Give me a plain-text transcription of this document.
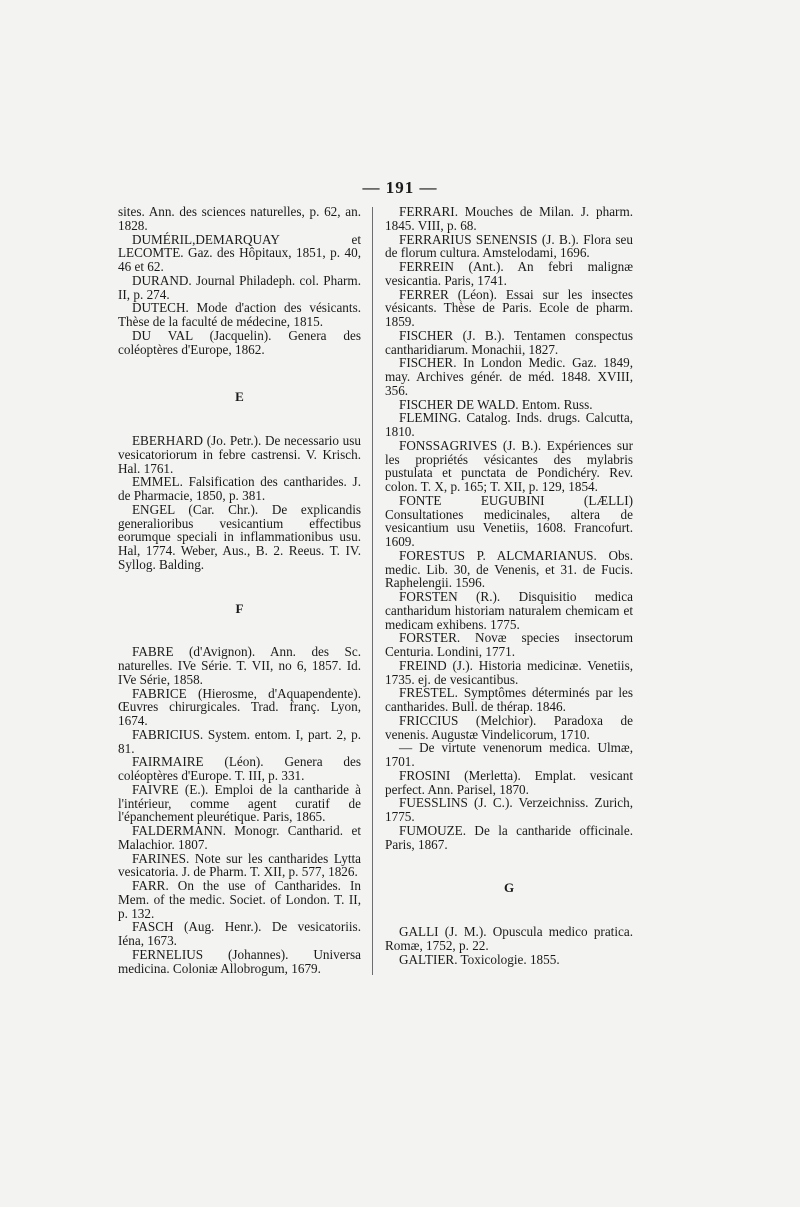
— 191 —

sites. Ann. des sciences naturelles, p. 62, an. 1828.

DUMÉRIL,DEMARQUAY et LECOMTE. Gaz. des Hôpitaux, 1851, p. 40, 46 et 62.

DURAND. Journal Philadeph. col. Pharm. II, p. 274.

DUTECH. Mode d'action des vésicants. Thèse de la faculté de médecine, 1815.

DU VAL (Jacquelin). Genera des coléoptères d'Europe, 1862.

E

EBERHARD (Jo. Petr.). De necessario usu vesicatoriorum in febre castrensi. V. Krisch. Hal. 1761.

EMMEL. Falsification des cantharides. J. de Pharmacie, 1850, p. 381.

ENGEL (Car. Chr.). De explicandis generalioribus vesicantium effectibus eorumque speciali in inflammationibus usu. Hal, 1774. Weber, Aus., B. 2. Reeus. T. IV. Syllog. Balding.

F

FABRE (d'Avignon). Ann. des Sc. naturelles. IVe Série. T. VII, no 6, 1857. Id. IVe Série, 1858.

FABRICE (Hierosme, d'Aquapendente). Œuvres chirurgicales. Trad. franç. Lyon, 1674.

FABRICIUS. System. entom. I, part. 2, p. 81.

FAIRMAIRE (Léon). Genera des coléoptères d'Europe. T. III, p. 331.

FAIVRE (E.). Emploi de la cantharide à l'intérieur, comme agent curatif de l'épanchement pleurétique. Paris, 1865.

FALDERMANN. Monogr. Cantharid. et Malachior. 1807.

FARINES. Note sur les cantharides Lytta vesicatoria. J. de Pharm. T. XII, p. 577, 1826.

FARR. On the use of Cantharides. In Mem. of the medic. Societ. of London. T. II, p. 132.

FASCH (Aug. Henr.). De vesicatoriis. Iéna, 1673.

FERNELIUS (Johannes). Universa medicina. Coloniæ Allobrogum, 1679.

FERRARI. Mouches de Milan. J. pharm. 1845. VIII, p. 68.

FERRARIUS SENENSIS (J. B.). Flora seu de florum cultura. Amstelodami, 1696.

FERREIN (Ant.). An febri malignæ vesicantia. Paris, 1741.

FERRER (Léon). Essai sur les insectes vésicants. Thèse de Paris. Ecole de pharm. 1859.

FISCHER (J. B.). Tentamen conspectus cantharidiarum. Monachii, 1827.

FISCHER. In London Medic. Gaz. 1849, may. Archives génér. de méd. 1848. XVIII, 356.

FISCHER DE WALD. Entom. Russ.

FLEMING. Catalog. Inds. drugs. Calcutta, 1810.

FONSSAGRIVES (J. B.). Expériences sur les propriétés vésicantes des mylabris pustulata et punctata de Pondichéry. Rev. colon. T. X, p. 165; T. XII, p. 129, 1854.

FONTE EUGUBINI (LÆLLI) Consultationes medicinales, altera de vesicantium usu Venetiis, 1608. Francofurt. 1609.

FORESTUS P. ALCMARIANUS. Obs. medic. Lib. 30, de Venenis, et 31. de Fucis. Raphelengii. 1596.

FORSTEN (R.). Disquisitio medica cantharidum historiam naturalem chemicam et medicam exhibens. 1775.

FORSTER. Novæ species insectorum Centuria. Londini, 1771.

FREIND (J.). Historia medicinæ. Venetiis, 1735. ej. de vesicantibus.

FRESTEL. Symptômes déterminés par les cantharides. Bull. de thérap. 1846.

FRICCIUS (Melchior). Paradoxa de venenis. Augustæ Vindelicorum, 1710.

— De virtute venenorum medica. Ulmæ, 1701.

FROSINI (Merletta). Emplat. vesicant perfect. Ann. Parisel, 1870.

FUESSLINS (J. C.). Verzeichniss. Zurich, 1775.

FUMOUZE. De la cantharide officinale. Paris, 1867.

G

GALLI (J. M.). Opuscula medico pratica. Romæ, 1752, p. 22.

GALTIER. Toxicologie. 1855.
